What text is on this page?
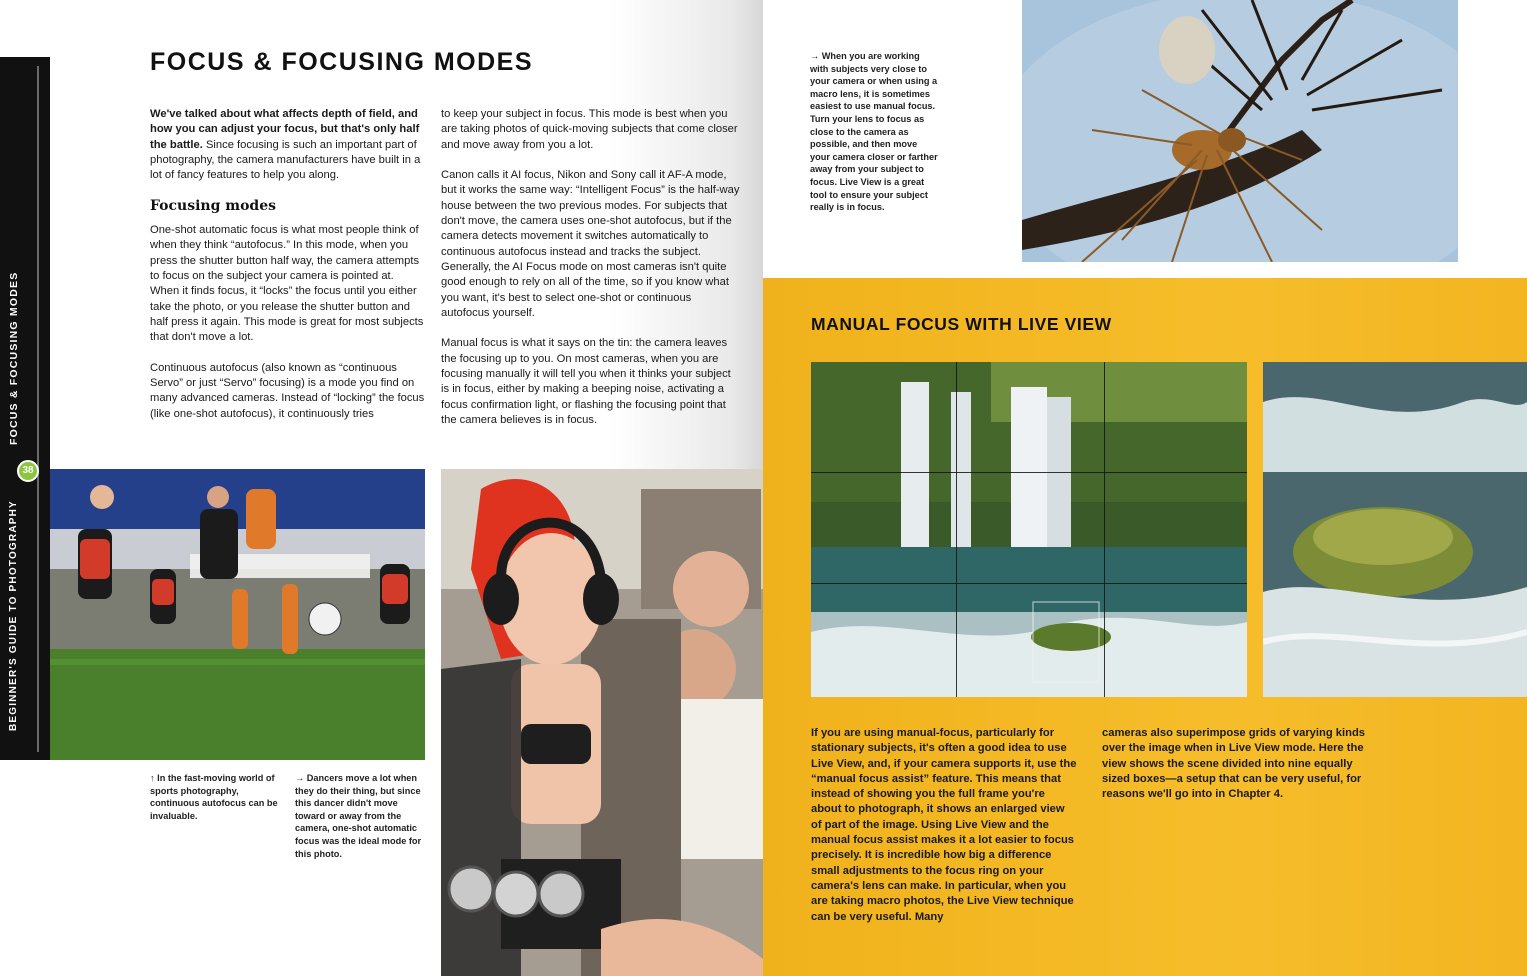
FOCUS & FOCUSING MODES
38
BEGINNER'S GUIDE TO PHOTOGRAPHY
FOCUS & FOCUSING MODES

We've talked about what affects depth of field, and how you can adjust your focus, but that's only half the battle. Since focusing is such an important part of photography, the camera manufacturers have built in a lot of fancy features to help you along.

Focusing modes

One-shot automatic focus is what most people think of when they think “autofocus.” In this mode, when you press the shutter button half way, the camera attempts to focus on the subject your camera is pointed at. When it finds focus, it “locks” the focus until you either take the photo, or you release the shutter button and half press it again. This mode is great for most subjects that don't move a lot.

Continuous autofocus (also known as “continuous Servo” or just “Servo” focusing) is a mode you find on many advanced cameras. Instead of “locking” the focus (like one-shot autofocus), it continuously tries

to keep your subject in focus. This mode is best when you are taking photos of quick-moving subjects that come closer and move away from you a lot.

Canon calls it AI focus, Nikon and Sony call it AF-A mode, but it works the same way: “Intelligent Focus” is the half-way house between the two previous modes. For subjects that don't move, the camera uses one-shot autofocus, but if the camera detects movement it switches automatically to continuous autofocus instead and tracks the subject. Generally, the AI Focus mode on most cameras isn't quite good enough to rely on all of the time, so if you know what you want, it's best to select one-shot or continuous autofocus yourself.

Manual focus is what it says on the tin: the camera leaves the focusing up to you. On most cameras, when you are focusing manually it will tell you when it thinks your subject is in focus, either by making a beeping noise, activating a focus confirmation light, or flashing the focusing point that the camera believes is in focus.

↑ In the fast-moving world of sports photography, continuous autofocus can be invaluable.
→ Dancers move a lot when they do their thing, but since this dancer didn't move toward or away from the camera, one-shot automatic focus was the ideal mode for this photo.
→ When you are working with subjects very close to your camera or when using a macro lens, it is sometimes easiest to use manual focus. Turn your lens to focus as close to the camera as possible, and then move your camera closer or farther away from your subject to focus. Live View is a great tool to ensure your subject really is in focus.
MANUAL FOCUS WITH LIVE VIEW
If you are using manual-focus, particularly for stationary subjects, it's often a good idea to use Live View, and, if your camera supports it, use the “manual focus assist” feature. This means that instead of showing you the full frame you're about to photograph, it shows an enlarged view of part of the image. Using Live View and the manual focus assist makes it a lot easier to focus precisely. It is incredible how big a difference small adjustments to the focus ring on your camera's lens can make. In particular, when you are taking macro photos, the Live View technique can be very useful. Many
cameras also superimpose grids of varying kinds over the image when in Live View mode. Here the view shows the scene divided into nine equally sized boxes—a setup that can be very useful, for reasons we'll go into in Chapter 4.
